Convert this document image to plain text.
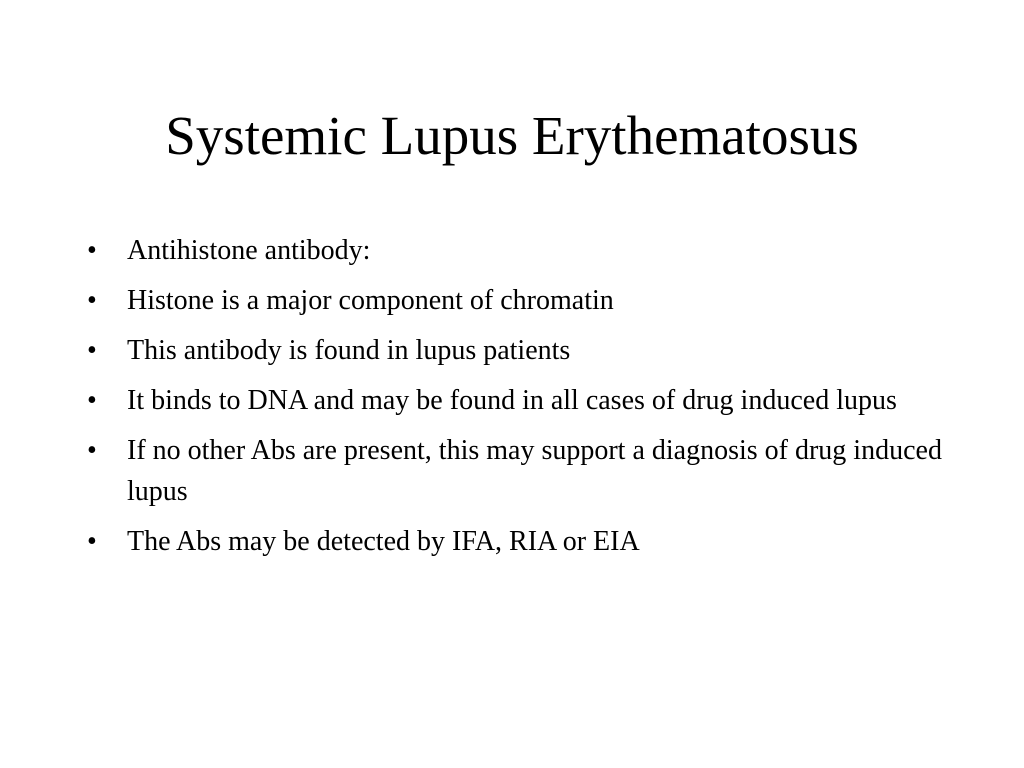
Systemic Lupus Erythematosus
• Antihistone antibody:
• Histone is a major component of chromatin
• This antibody is found in lupus patients
• It binds to DNA and may be found in all cases of drug induced lupus
• If no other Abs are present, this may support a diagnosis of drug induced lupus
• The Abs may be detected by IFA, RIA or EIA
